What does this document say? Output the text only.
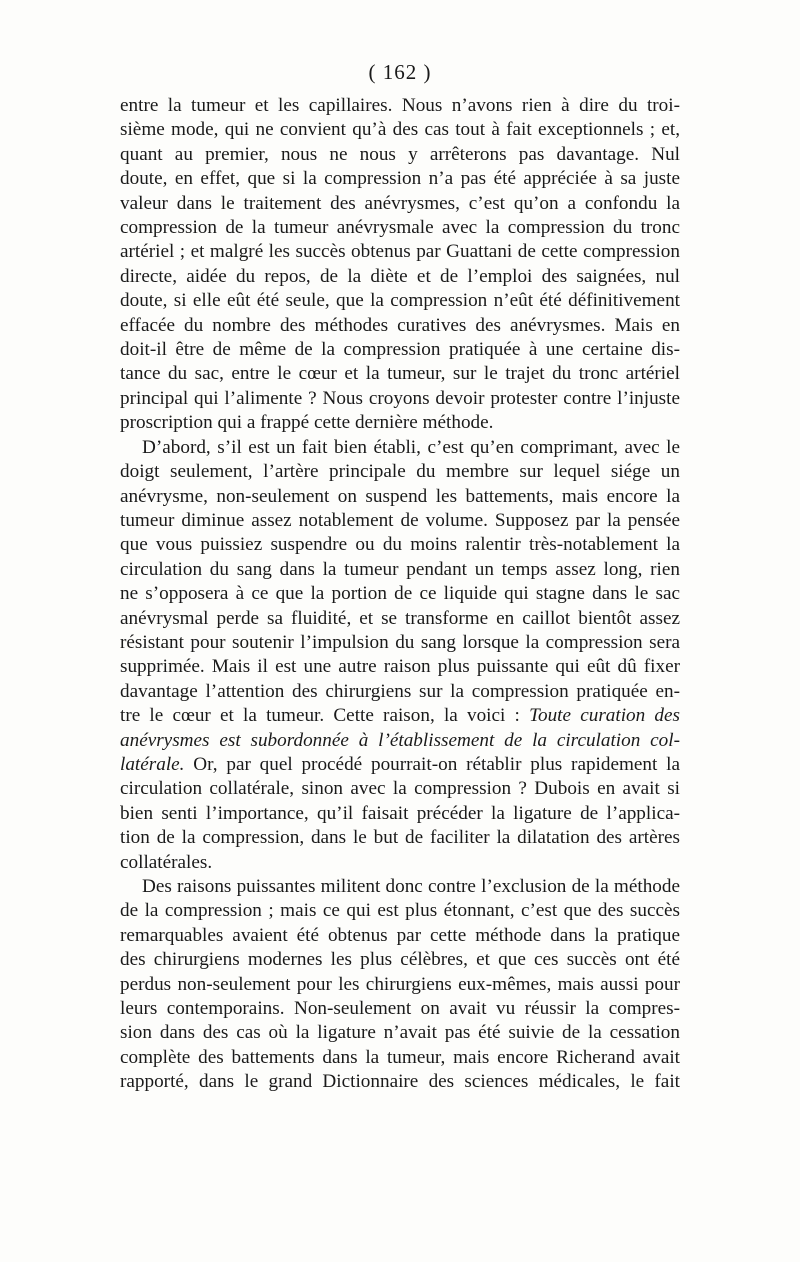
( 162 )

entre la tumeur et les capillaires. Nous n’avons rien à dire du troi-
sième mode, qui ne convient qu’à des cas tout à fait exceptionnels ; et,
quant au premier, nous ne nous y arrêterons pas davantage. Nul
doute, en effet, que si la compression n’a pas été appréciée à sa juste
valeur dans le traitement des anévrysmes, c’est qu’on a confondu la
compression de la tumeur anévrysmale avec la compression du tronc
artériel ; et malgré les succès obtenus par Guattani de cette compression
directe, aidée du repos, de la diète et de l’emploi des saignées, nul
doute, si elle eût été seule, que la compression n’eût été définitivement
effacée du nombre des méthodes curatives des anévrysmes. Mais en
doit-il être de même de la compression pratiquée à une certaine dis-
tance du sac, entre le cœur et la tumeur, sur le trajet du tronc artériel
principal qui l’alimente ? Nous croyons devoir protester contre l’injuste
proscription qui a frappé cette dernière méthode.

D’abord, s’il est un fait bien établi, c’est qu’en comprimant, avec le
doigt seulement, l’artère principale du membre sur lequel siége un
anévrysme, non-seulement on suspend les battements, mais encore la
tumeur diminue assez notablement de volume. Supposez par la pensée
que vous puissiez suspendre ou du moins ralentir très-notablement la
circulation du sang dans la tumeur pendant un temps assez long, rien
ne s’opposera à ce que la portion de ce liquide qui stagne dans le sac
anévrysmal perde sa fluidité, et se transforme en caillot bientôt assez
résistant pour soutenir l’impulsion du sang lorsque la compression sera
supprimée. Mais il est une autre raison plus puissante qui eût dû fixer
davantage l’attention des chirurgiens sur la compression pratiquée en-
tre le cœur et la tumeur. Cette raison, la voici : Toute curation des
anévrysmes est subordonnée à l’établissement de la circulation col-
latérale. Or, par quel procédé pourrait-on rétablir plus rapidement la
circulation collatérale, sinon avec la compression ? Dubois en avait si
bien senti l’importance, qu’il faisait précéder la ligature de l’applica-
tion de la compression, dans le but de faciliter la dilatation des artères
collatérales.

Des raisons puissantes militent donc contre l’exclusion de la méthode
de la compression ; mais ce qui est plus étonnant, c’est que des succès
remarquables avaient été obtenus par cette méthode dans la pratique
des chirurgiens modernes les plus célèbres, et que ces succès ont été
perdus non-seulement pour les chirurgiens eux-mêmes, mais aussi pour
leurs contemporains. Non-seulement on avait vu réussir la compres-
sion dans des cas où la ligature n’avait pas été suivie de la cessation
complète des battements dans la tumeur, mais encore Richerand avait
rapporté, dans le grand Dictionnaire des sciences médicales, le fait
